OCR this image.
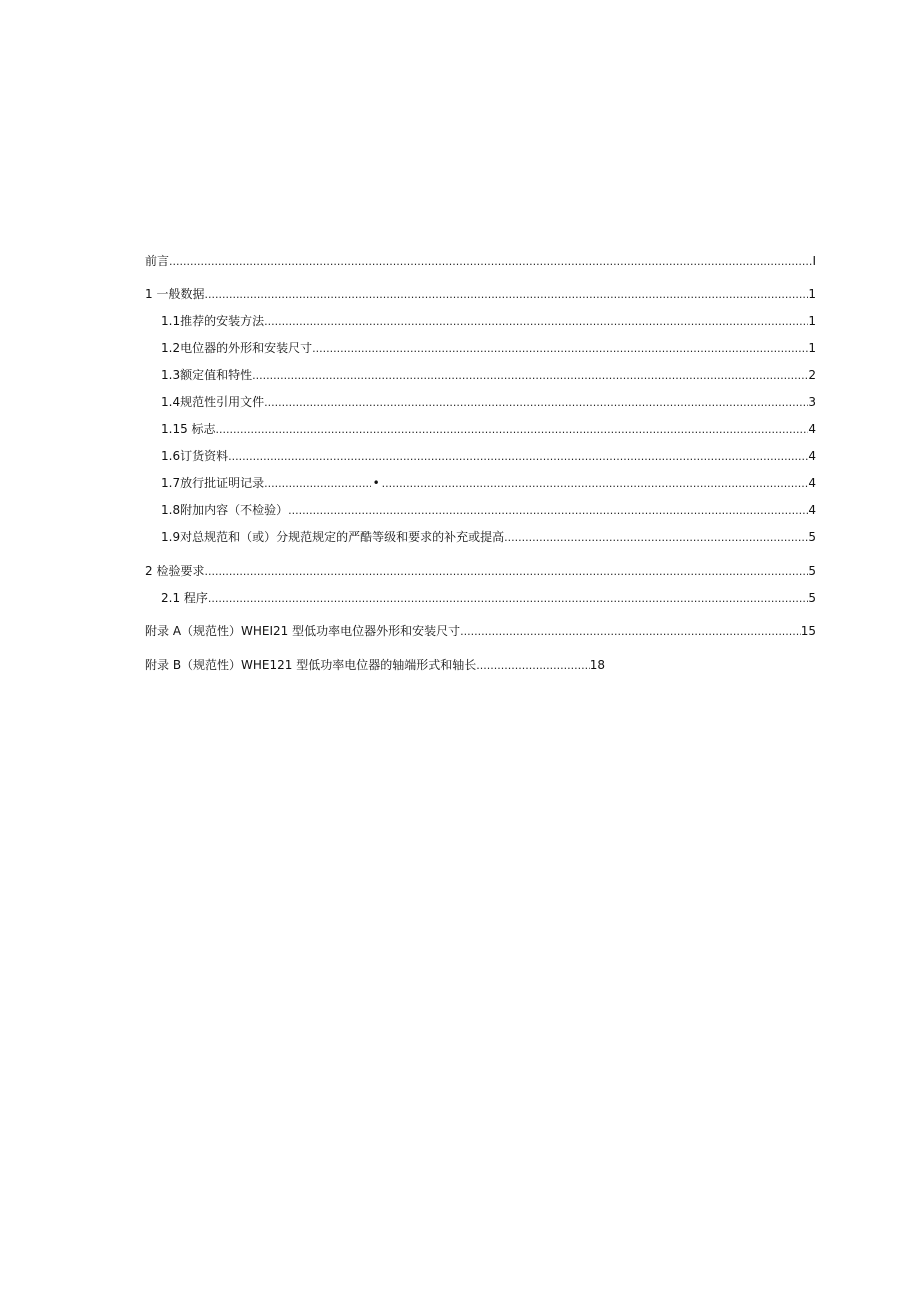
前言 .....	I
1 一般数据 .....	1
1.1 推荐的安装方法 .....	1
1.2 电位器的外形和安装尺寸 .....	1
1.3 额定值和特性 .....	2
1.4 规范性引用文件 .....	3
1.1 5 标志 .....	4
1.6 订货资料 .....	4
1.7 放行批证明记录 .....	• .....	4
1.8 附加内容（不检验） .....	4
1.9 对总规范和（或）分规范规定的严酷等级和要求的补充或提高 .....	5
2 检验要求 .....	5
2.1 程序 .....	5
附录 A（规范性）WHEI21 型低功率电位器外形和安装尺寸 .....	15
附录 B（规范性）WHE121 型低功率电位器的轴端形式和轴长 .....	18
